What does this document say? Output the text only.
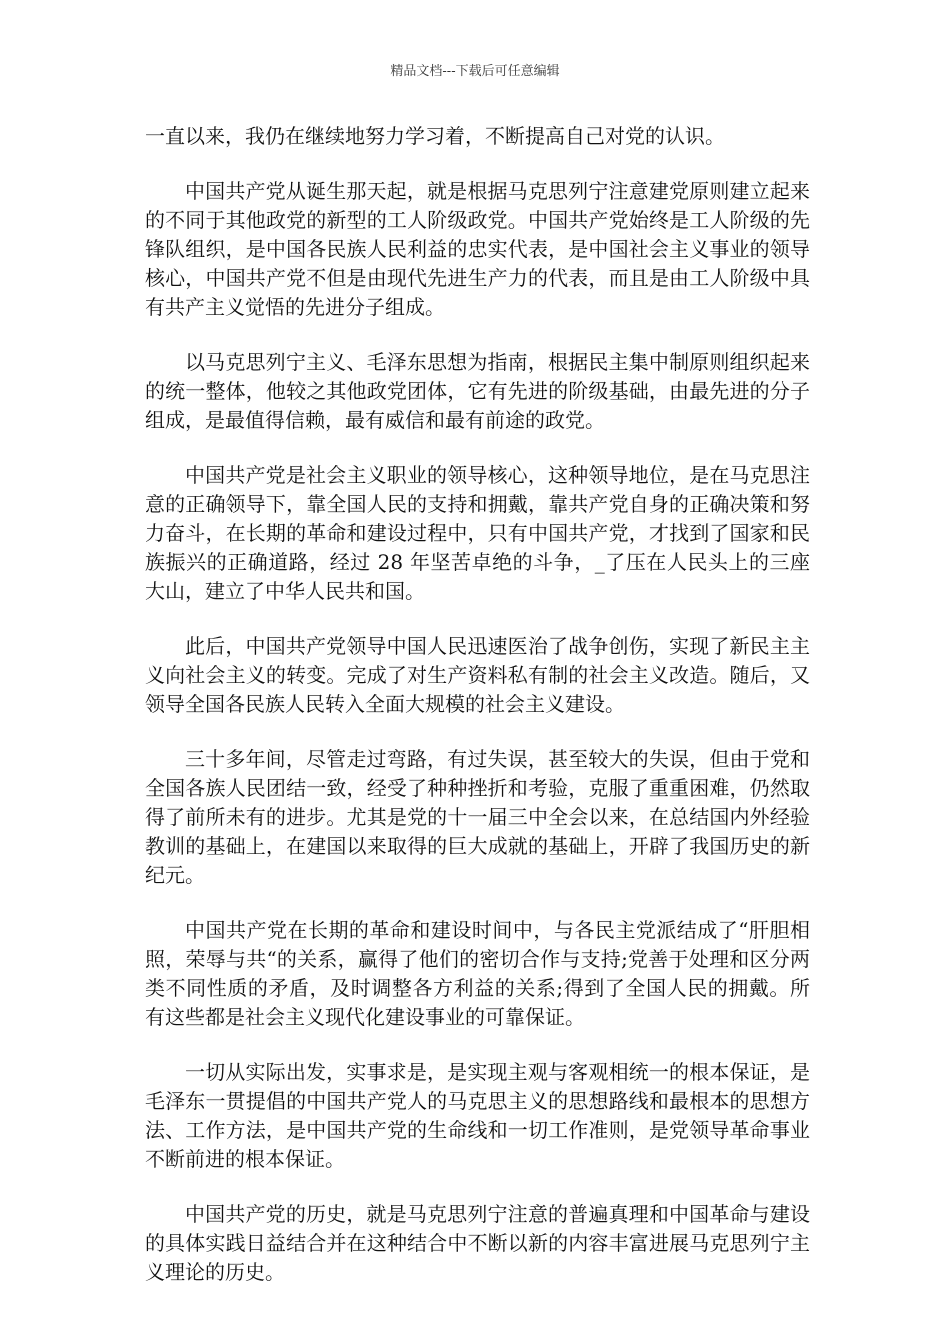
精品文档---下载后可任意编辑

一直以来，我仍在继续地努力学习着，不断提高自己对党的认识。

中国共产党从诞生那天起，就是根据马克思列宁注意建党原则建立起来的不同于其他政党的新型的工人阶级政党。中国共产党始终是工人阶级的先锋队组织，是中国各民族人民利益的忠实代表，是中国社会主义事业的领导核心，中国共产党不但是由现代先进生产力的代表，而且是由工人阶级中具有共产主义觉悟的先进分子组成。

以马克思列宁主义、毛泽东思想为指南，根据民主集中制原则组织起来的统一整体，他较之其他政党团体，它有先进的阶级基础，由最先进的分子组成，是最值得信赖，最有威信和最有前途的政党。

中国共产党是社会主义职业的领导核心，这种领导地位，是在马克思注意的正确领导下，靠全国人民的支持和拥戴，靠共产党自身的正确决策和努力奋斗，在长期的革命和建设过程中，只有中国共产党，才找到了国家和民族振兴的正确道路，经过 28 年坚苦卓绝的斗争，_了压在人民头上的三座大山，建立了中华人民共和国。

此后，中国共产党领导中国人民迅速医治了战争创伤，实现了新民主主义向社会主义的转变。完成了对生产资料私有制的社会主义改造。随后，又领导全国各民族人民转入全面大规模的社会主义建设。

三十多年间，尽管走过弯路，有过失误，甚至较大的失误，但由于党和全国各族人民团结一致，经受了种种挫折和考验，克服了重重困难，仍然取得了前所未有的进步。尤其是党的十一届三中全会以来，在总结国内外经验教训的基础上，在建国以来取得的巨大成就的基础上，开辟了我国历史的新纪元。

中国共产党在长期的革命和建设时间中，与各民主党派结成了“肝胆相照，荣辱与共“的关系，赢得了他们的密切合作与支持;党善于处理和区分两类不同性质的矛盾，及时调整各方利益的关系;得到了全国人民的拥戴。所有这些都是社会主义现代化建设事业的可靠保证。

一切从实际出发，实事求是，是实现主观与客观相统一的根本保证，是毛泽东一贯提倡的中国共产党人的马克思主义的思想路线和最根本的思想方法、工作方法，是中国共产党的生命线和一切工作准则，是党领导革命事业不断前进的根本保证。

中国共产党的历史，就是马克思列宁注意的普遍真理和中国革命与建设的具体实践日益结合并在这种结合中不断以新的内容丰富进展马克思列宁主义理论的历史。
